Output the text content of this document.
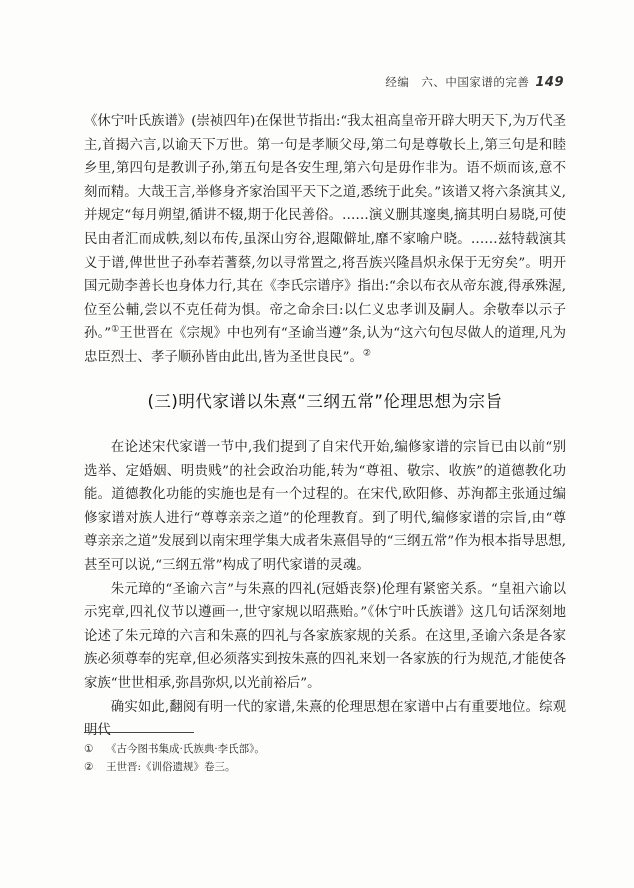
经编　六、中国家谱的完善 149

《休宁叶氏族谱》(崇祯四年)在保世节指出:“我太祖高皇帝开辟大明天下,为万代圣主,首揭六言,以谕天下万世。第一句是孝顺父母,第二句是尊敬长上,第三句是和睦乡里,第四句是教训子孙,第五句是各安生理,第六句是毋作非为。语不烦而该,意不刻而精。大哉王言,举修身齐家治国平天下之道,悉统于此矣。”该谱又将六条演其义,并规定“每月朔望,循讲不辍,期于化民善俗。……演义删其邃奥,摘其明白易晓,可使民由者汇而成帙,刻以布传,虽深山穷谷,遐陬僻址,靡不家喻户晓。……兹特载演其义于谱,俾世世子孙奉若蓍蔡,勿以寻常置之,将吾族兴隆昌炽永保于无穷矣”。明开国元勋李善长也身体力行,其在《李氏宗谱序》指出:“余以布衣从帝东渡,得承殊渥,位至公輔,尝以不克任荷为惧。帝之命余曰:以仁义忠孝训及嗣人。余敬奉以示子孙。”①王世晋在《宗规》中也列有“圣谕当遵”条,认为“这六句包尽做人的道理,凡为忠臣烈士、孝子顺孙皆由此出,皆为圣世良民”。②

(三)明代家谱以朱熹“三纲五常”伦理思想为宗旨

在论述宋代家谱一节中,我们提到了自宋代开始,编修家谱的宗旨已由以前“别选举、定婚姻、明贵贱”的社会政治功能,转为“尊祖、敬宗、收族”的道德教化功能。道德教化功能的实施也是有一个过程的。在宋代,欧阳修、苏洵都主张通过编修家谱对族人进行“尊尊亲亲之道”的伦理教育。到了明代,编修家谱的宗旨,由“尊尊亲亲之道”发展到以南宋理学集大成者朱熹倡导的“三纲五常”作为根本指导思想,甚至可以说,“三纲五常”构成了明代家谱的灵魂。

朱元璋的“圣谕六言”与朱熹的四礼(冠婚丧祭)伦理有紧密关系。“皇祖六谕以示宪章,四礼仪节以遵画一,世守家规以昭燕贻。”《休宁叶氏族谱》这几句话深刻地论述了朱元璋的六言和朱熹的四礼与各家族家规的关系。在这里,圣谕六条是各家族必须尊奉的宪章,但必须落实到按朱熹的四礼来划一各家族的行为规范,才能使各家族“世世相承,弥昌弥炽,以光前裕后”。

确实如此,翻阅有明一代的家谱,朱熹的伦理思想在家谱中占有重要地位。综观明代

① 《古今图书集成·氏族典·李氏部》。
② 王世晋:《训俗遗规》卷三。
